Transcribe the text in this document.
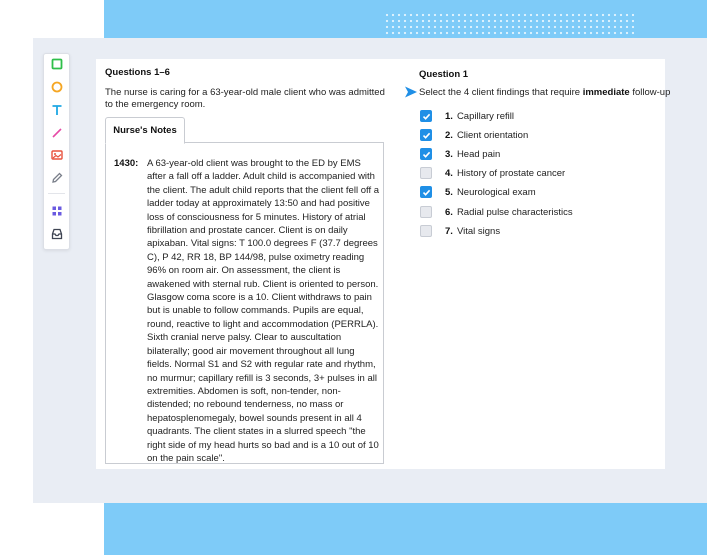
Questions 1–6
The nurse is caring for a 63-year-old male client who was admitted to the emergency room.
Nurse's Notes
1430: A 63-year-old client was brought to the ED by EMS after a fall off a ladder. Adult child is accompanied with the client. The adult child reports that the client fell off a ladder today at approximately 13:50 and had positive loss of consciousness for 5 minutes. History of atrial fibrillation and prostate cancer. Client is on daily apixaban. Vital signs: T 100.0 degrees F (37.7 degrees C), P 42, RR 18, BP 144/98, pulse oximetry reading 96% on room air. On assessment, the client is awakened with sternal rub. Client is oriented to person. Glasgow coma score is a 10. Client withdraws to pain but is unable to follow commands. Pupils are equal, round, reactive to light and accommodation (PERRLA). Sixth cranial nerve palsy. Clear to auscultation bilaterally; good air movement throughout all lung fields. Normal S1 and S2 with regular rate and rhythm, no murmur; capillary refill is 3 seconds, 3+ pulses in all extremities. Abdomen is soft, non-tender, non-distended; no rebound tenderness, no mass or hepatosplenomegaly, bowel sounds present in all 4 quadrants. The client states in a slurred speech "the right side of my head hurts so bad and is a 10 out of 10 on the pain scale".
Question 1
Select the 4 client findings that require immediate follow-up
1. Capillary refill
2. Client orientation
3. Head pain
4. History of prostate cancer
5. Neurological exam
6. Radial pulse characteristics
7. Vital signs
